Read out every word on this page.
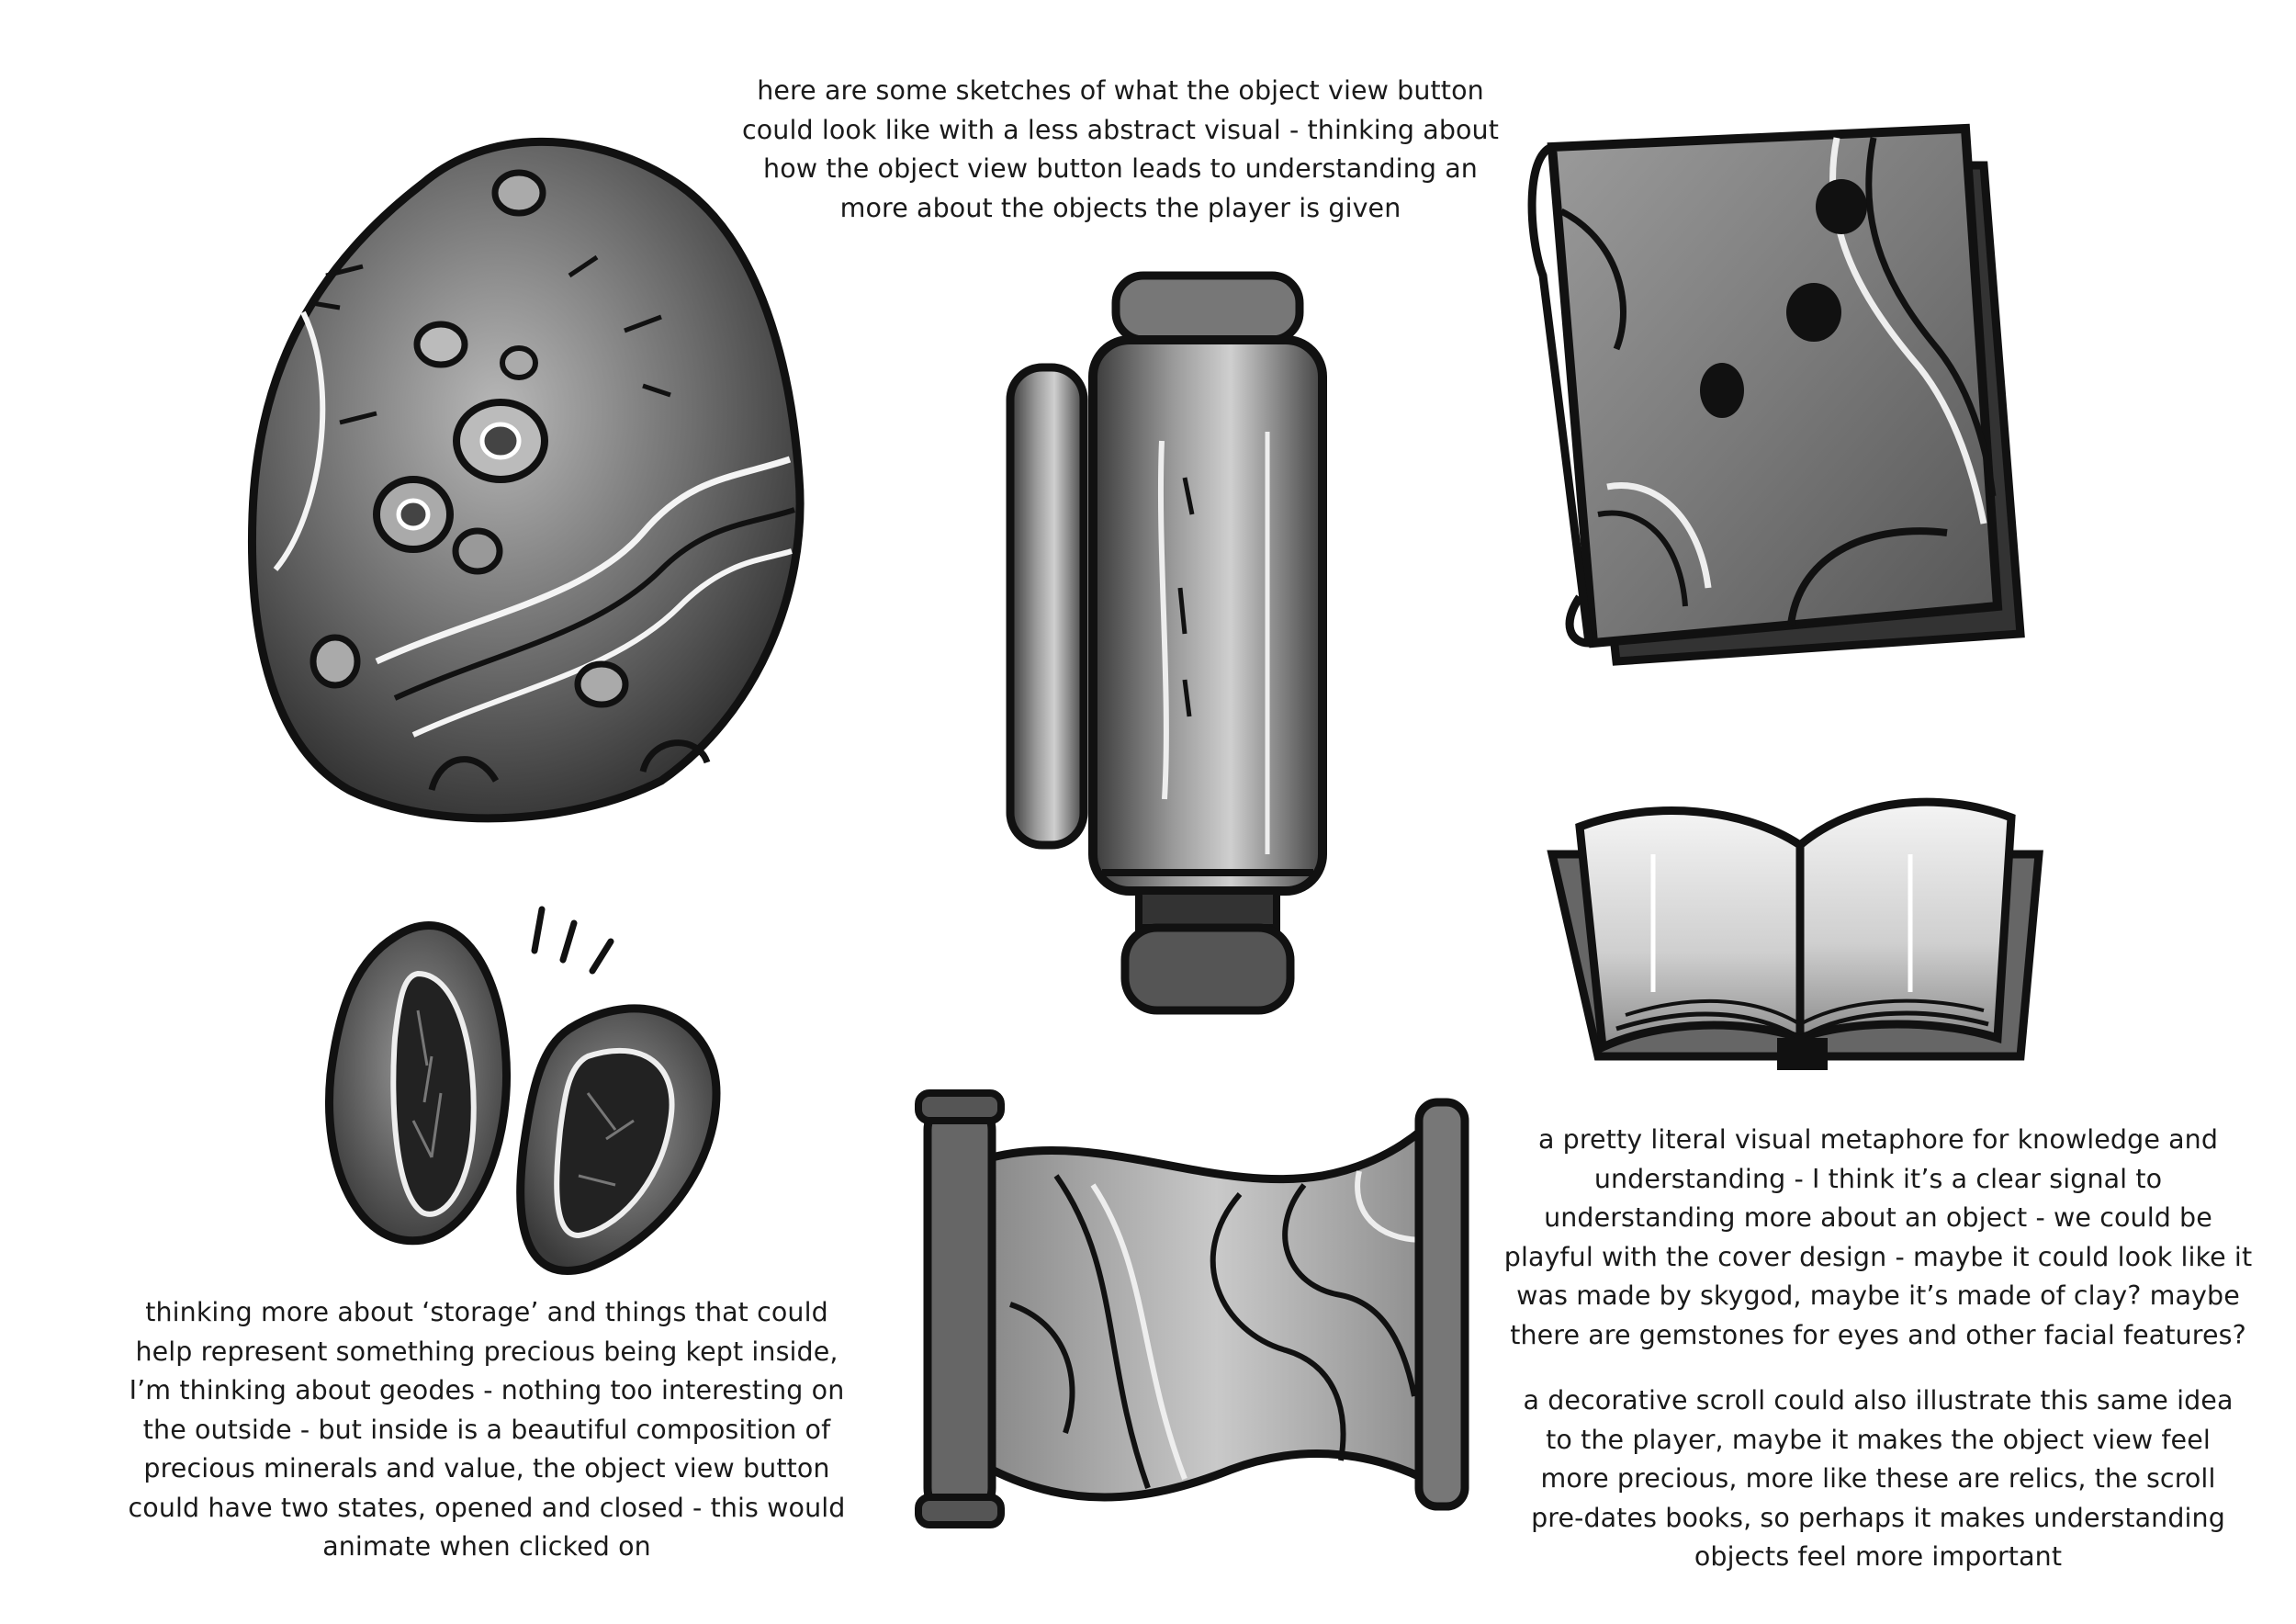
here are some sketches of what the object view button
could look like with a less abstract visual - thinking about
how the object view button leads to understanding an
more about the objects the player is given
thinking more about ‘storage’ and things that could
help represent something precious being kept inside,
I’m thinking about geodes - nothing too interesting on
the outside - but inside is a beautiful composition of
precious minerals and value, the object view button
could have two states, opened and closed - this would
animate when clicked on
a pretty literal visual metaphore for knowledge and
understanding - I think it’s a clear signal to
understanding more about an object - we could be
playful with the cover design - maybe it could look like it
was made by skygod, maybe it’s made of clay? maybe
there are gemstones for eyes and other facial features?
a decorative scroll could also illustrate this same idea
to the player, maybe it makes the object view feel
more precious, more like these are relics, the scroll
pre-dates books, so perhaps it makes understanding
objects feel more important
